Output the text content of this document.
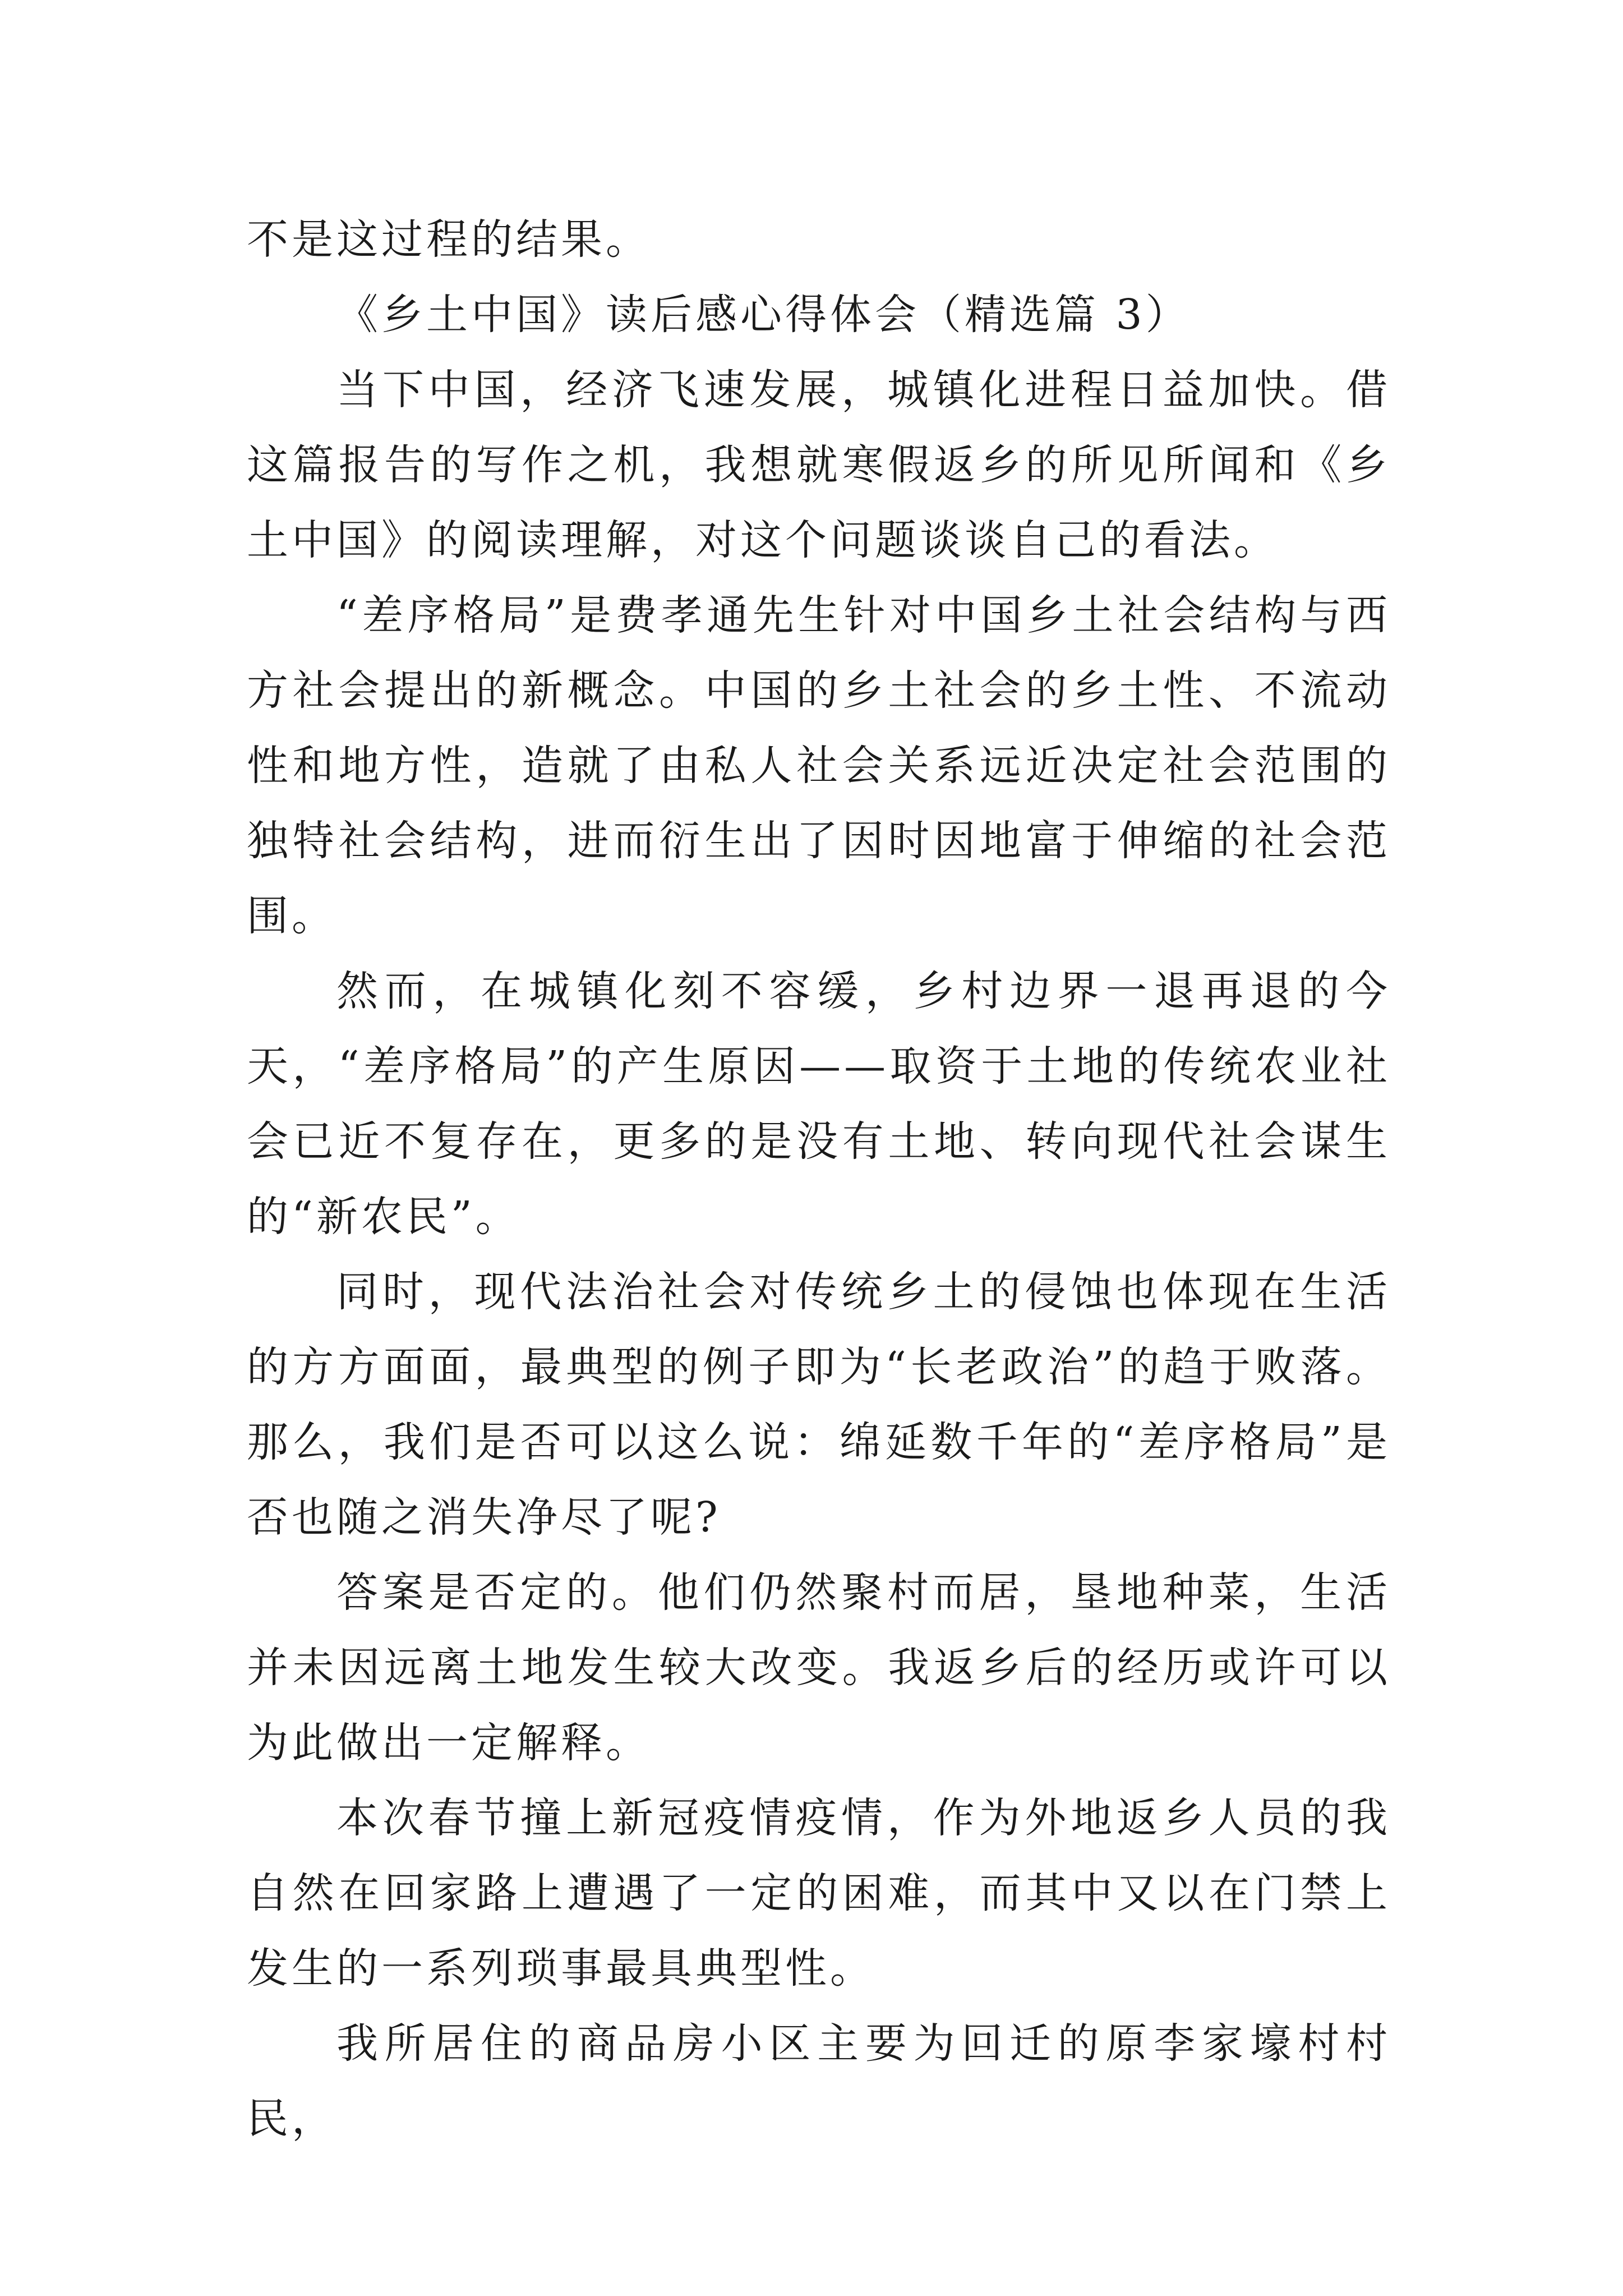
不是这过程的结果。

《乡土中国》读后感心得体会（精选篇 3）

当下中国，经济飞速发展，城镇化进程日益加快。借这篇报告的写作之机，我想就寒假返乡的所见所闻和《乡土中国》的阅读理解，对这个问题谈谈自己的看法。

“差序格局”是费孝通先生针对中国乡土社会结构与西方社会提出的新概念。中国的乡土社会的乡土性、不流动性和地方性，造就了由私人社会关系远近决定社会范围的独特社会结构，进而衍生出了因时因地富于伸缩的社会范围。

然而，在城镇化刻不容缓，乡村边界一退再退的今天，“差序格局”的产生原因——取资于土地的传统农业社会已近不复存在，更多的是没有土地、转向现代社会谋生的“新农民”。

同时，现代法治社会对传统乡土的侵蚀也体现在生活的方方面面，最典型的例子即为“长老政治”的趋于败落。那么，我们是否可以这么说：绵延数千年的“差序格局”是否也随之消失净尽了呢?

答案是否定的。他们仍然聚村而居，垦地种菜，生活并未因远离土地发生较大改变。我返乡后的经历或许可以为此做出一定解释。

本次春节撞上新冠疫情疫情，作为外地返乡人员的我自然在回家路上遭遇了一定的困难，而其中又以在门禁上发生的一系列琐事最具典型性。

我所居住的商品房小区主要为回迁的原李家壕村村民，
